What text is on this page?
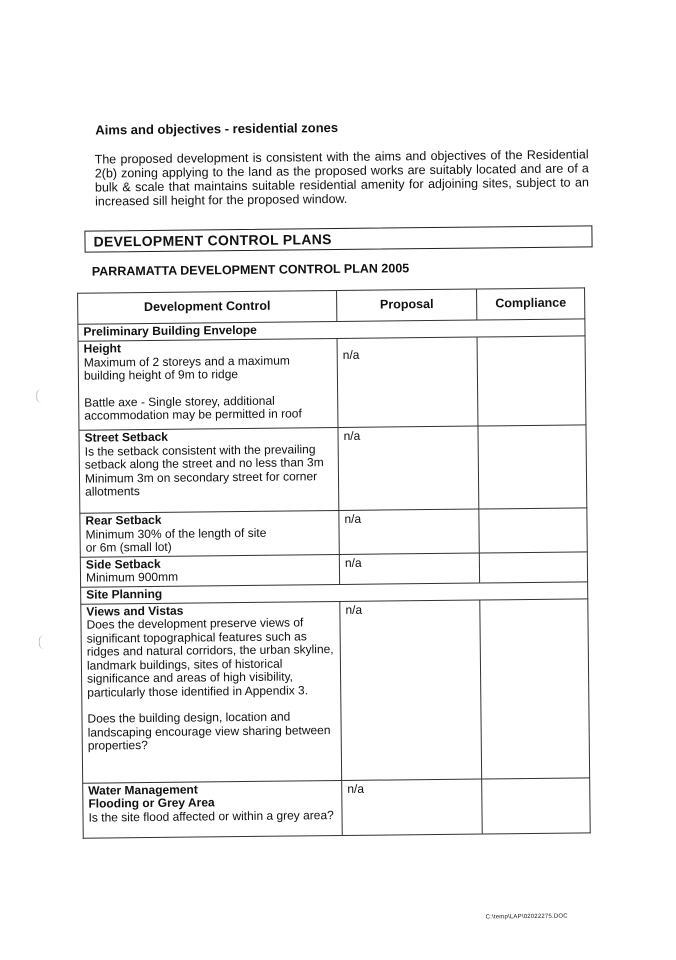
Aims and objectives - residential zones
The proposed development is consistent with the aims and objectives of the Residential 2(b) zoning applying to the land as the proposed works are suitably located and are of a bulk & scale that maintains suitable residential amenity for adjoining sites, subject to an increased sill height for the proposed window.
DEVELOPMENT CONTROL PLANS
PARRAMATTA DEVELOPMENT CONTROL PLAN 2005
Development Control	Proposal	Compliance
Preliminary Building Envelope		

Height
Maximum of 2 storeys and a maximum building height of 9m to ridge
Battle axe - Single storey, additional accommodation may be permitted in roof	n/a	

Street Setback
Is the setback consistent with the prevailing setback along the street and no less than 3m
Minimum 3m on secondary street for corner allotments	n/a	

Rear Setback
Minimum 30% of the length of site
or 6m (small lot)	n/a	

Side Setback
Minimum 900mm	n/a	
Site Planning		

Views and Vistas
Does the development preserve views of significant topographical features such as ridges and natural corridors, the urban skyline, landmark buildings, sites of historical significance and areas of high visibility, particularly those identified in Appendix 3.
Does the building design, location and landscaping encourage view sharing between properties?	n/a	

Water Management
Flooding or Grey Area
Is the site flood affected or within a grey area?	n/a	
C:\temp\LAP\02022275.DOC
